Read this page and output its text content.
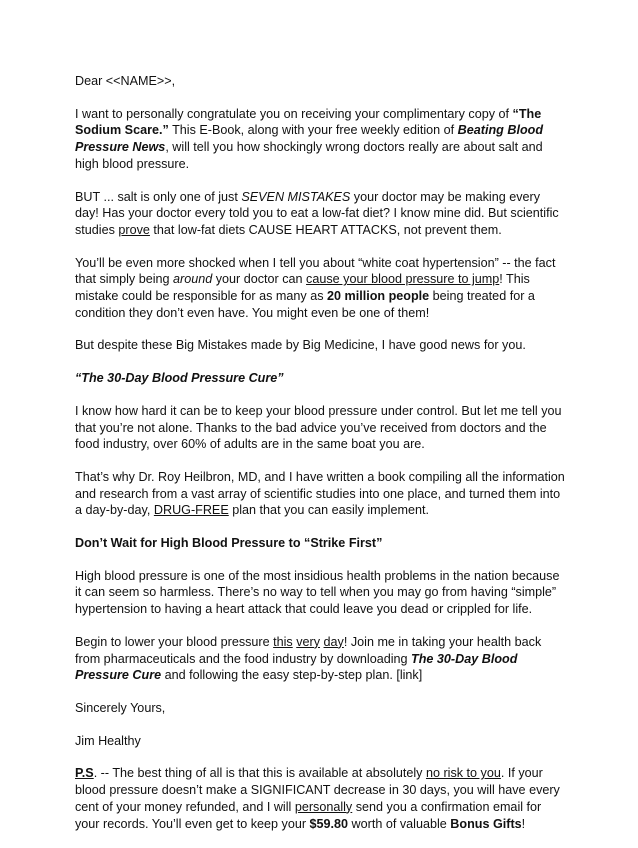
Dear <<NAME>>,

I want to personally congratulate you on receiving your complimentary copy of “The Sodium Scare.” This E-Book, along with your free weekly edition of Beating Blood Pressure News, will tell you how shockingly wrong doctors really are about salt and high blood pressure.

BUT ... salt is only one of just SEVEN MISTAKES your doctor may be making every day! Has your doctor every told you to eat a low-fat diet? I know mine did. But scientific studies prove that low-fat diets CAUSE HEART ATTACKS, not prevent them.

You’ll be even more shocked when I tell you about “white coat hypertension” -- the fact that simply being around your doctor can cause your blood pressure to jump! This mistake could be responsible for as many as 20 million people being treated for a condition they don’t even have. You might even be one of them!

But despite these Big Mistakes made by Big Medicine, I have good news for you.

“The 30-Day Blood Pressure Cure”

I know how hard it can be to keep your blood pressure under control. But let me tell you that you’re not alone. Thanks to the bad advice you’ve received from doctors and the food industry, over 60% of adults are in the same boat you are.

That’s why Dr. Roy Heilbron, MD, and I have written a book compiling all the information and research from a vast array of scientific studies into one place, and turned them into a day-by-day, DRUG-FREE plan that you can easily implement.

Don’t Wait for High Blood Pressure to “Strike First”

High blood pressure is one of the most insidious health problems in the nation because it can seem so harmless. There’s no way to tell when you may go from having “simple” hypertension to having a heart attack that could leave you dead or crippled for life.

Begin to lower your blood pressure this very day! Join me in taking your health back from pharmaceuticals and the food industry by downloading The 30-Day Blood Pressure Cure and following the easy step-by-step plan. [link]

Sincerely Yours,

Jim Healthy

P.S. -- The best thing of all is that this is available at absolutely no risk to you. If your blood pressure doesn’t make a SIGNIFICANT decrease in 30 days, you will have every cent of your money refunded, and I will personally send you a confirmation email for your records. You’ll even get to keep your $59.80 worth of valuable Bonus Gifts!
